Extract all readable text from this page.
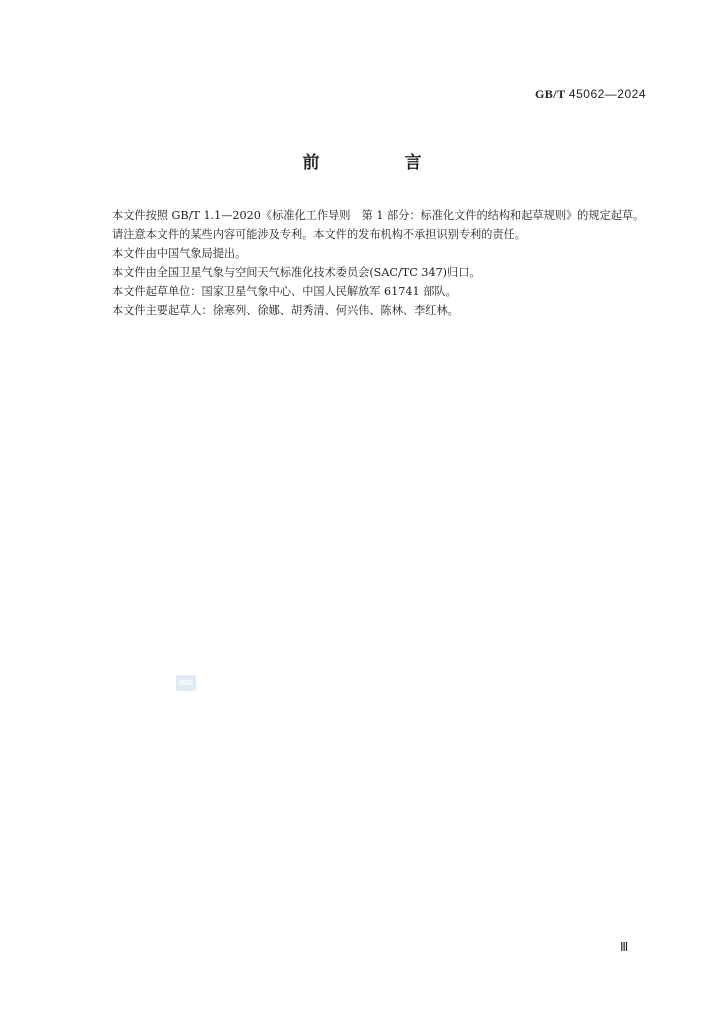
GB/T 45062—2024
前　言

本文件按照 GB/T 1.1—2020《标准化工作导则　第 1 部分：标准化文件的结构和起草规则》的规定起草。

请注意本文件的某些内容可能涉及专利。本文件的发布机构不承担识别专利的责任。

本文件由中国气象局提出。

本文件由全国卫星气象与空间天气标准化技术委员会(SAC/TC 347)归口。

本文件起草单位：国家卫星气象中心、中国人民解放军 61741 部队。

本文件主要起草人：徐寒列、徐娜、胡秀清、何兴伟、陈林、李红林。

Ⅲ
